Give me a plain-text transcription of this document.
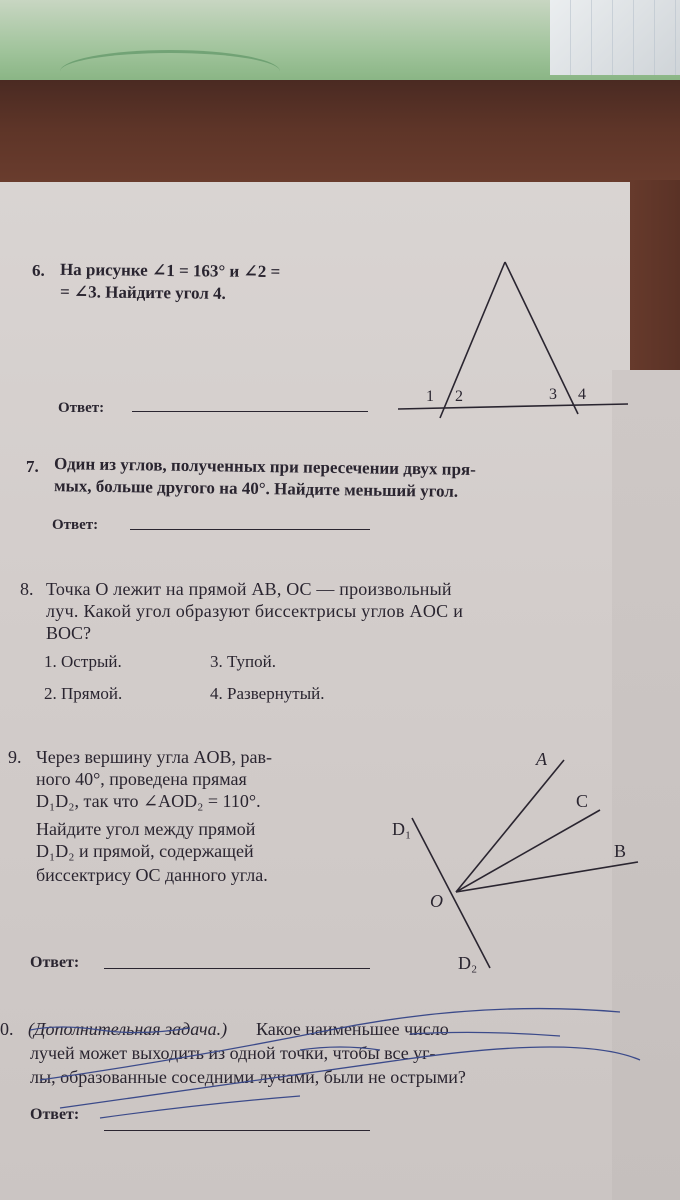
6. На рисунке ∠1 = 163° и ∠2 =
= ∠3. Найдите угол 4.
Ответ:
1 2	3 4
7. Один из углов, полученных при пересечении двух пря-
мых, больше другого на 40°. Найдите меньший угол.
Ответ:
8. Точка O лежит на прямой AB, OC — произвольный
луч. Какой угол образуют биссектрисы углов AOC и
BOC?
1. Острый.	3. Тупой.
2. Прямой.	4. Развернутый.
9. Через вершину угла AOB, рав-
ного 40°, проведена прямая
D₁D₂, так что ∠AOD₂ = 110°.
Найдите угол между прямой
D₁D₂ и прямой, содержащей
биссектрису OC данного угла.
Ответ:
A
C
B
O
D₁
D₂
0. (Дополнительная задача.) Какое наименьшее число
лучей может выходить из одной точки, чтобы все уг-
лы, образованные соседними лучами, были не острыми?
Ответ:
